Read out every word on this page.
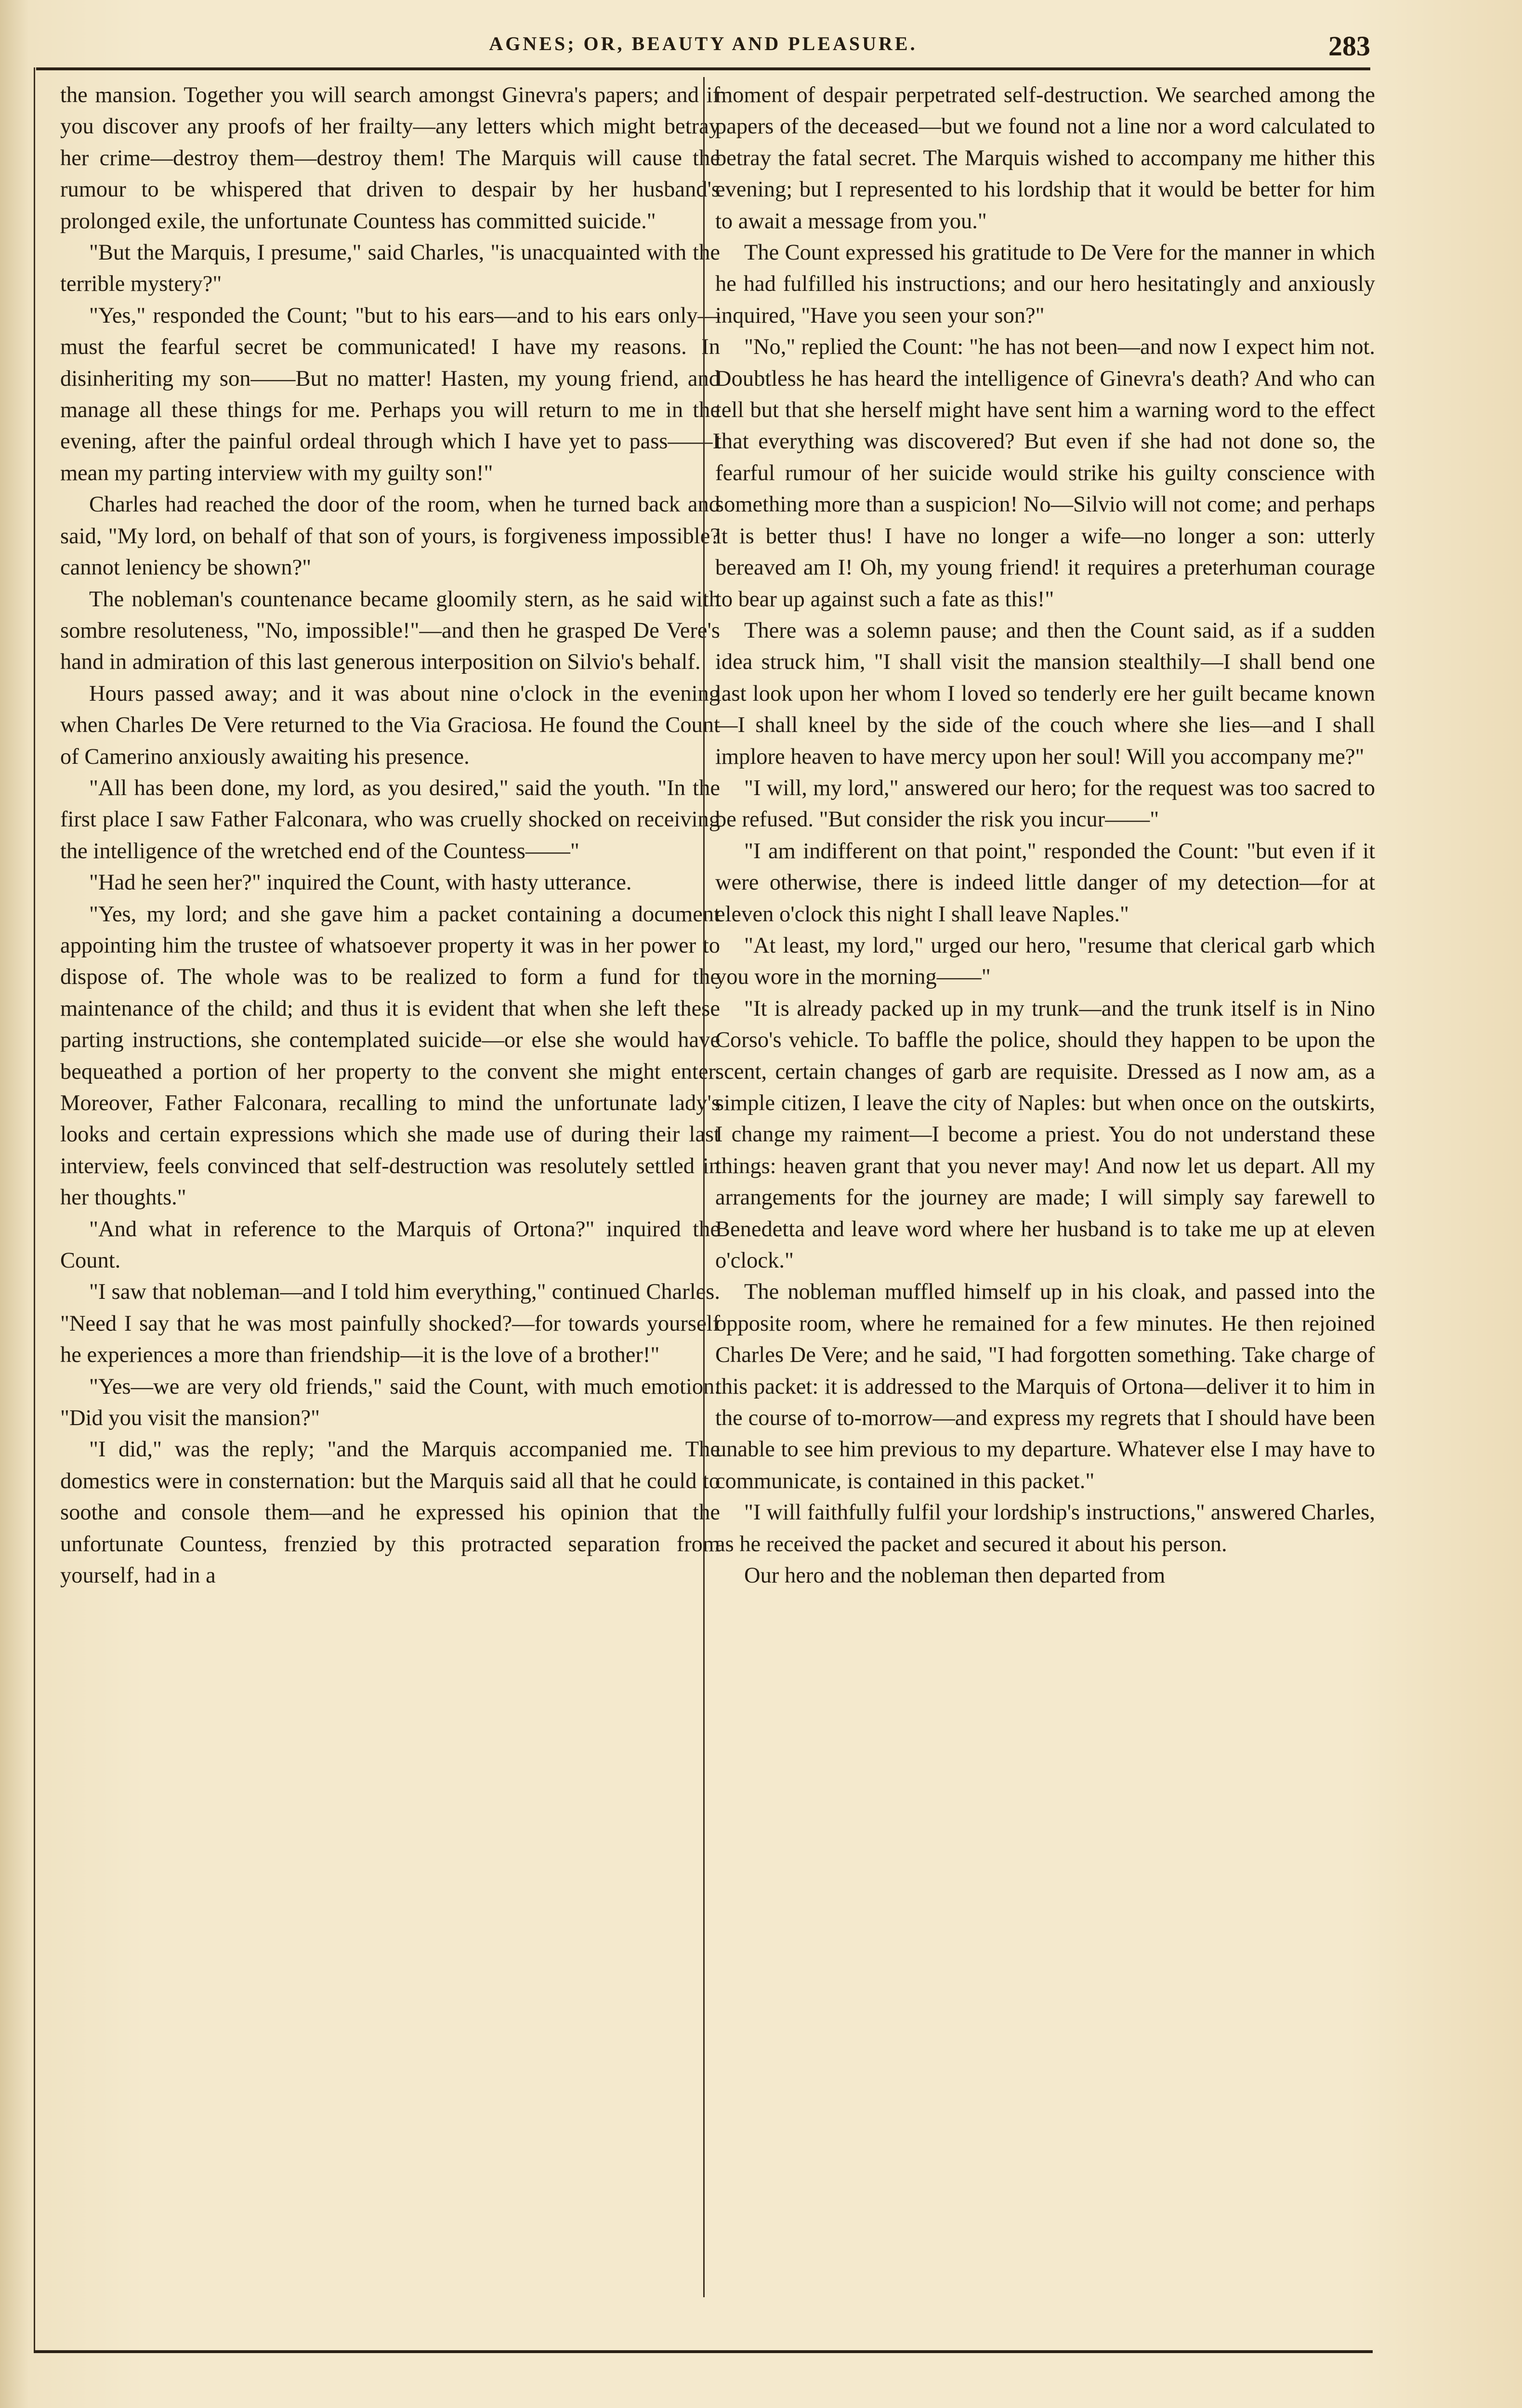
AGNES; OR, BEAUTY AND PLEASURE.	283

the mansion. Together you will search amongst Ginevra's papers; and if you discover any proofs of her frailty—any letters which might betray her crime—destroy them—destroy them! The Marquis will cause the rumour to be whispered that driven to despair by her husband's prolonged exile, the unfortunate Countess has committed suicide."

"But the Marquis, I presume," said Charles, "is unacquainted with the terrible mystery?"

"Yes," responded the Count; "but to his ears—and to his ears only—must the fearful secret be communicated! I have my reasons. In disinheriting my son——But no matter! Hasten, my young friend, and manage all these things for me. Perhaps you will return to me in the evening, after the painful ordeal through which I have yet to pass——I mean my parting interview with my guilty son!"

Charles had reached the door of the room, when he turned back and said, "My lord, on behalf of that son of yours, is forgiveness impossible? cannot leniency be shown?"

The nobleman's countenance became gloomily stern, as he said with sombre resoluteness, "No, impossible!"—and then he grasped De Vere's hand in admiration of this last generous interposition on Silvio's behalf.

Hours passed away; and it was about nine o'clock in the evening when Charles De Vere returned to the Via Graciosa. He found the Count of Camerino anxiously awaiting his presence.

"All has been done, my lord, as you desired," said the youth. "In the first place I saw Father Falconara, who was cruelly shocked on receiving the intelligence of the wretched end of the Countess——"

"Had he seen her?" inquired the Count, with hasty utterance.

"Yes, my lord; and she gave him a packet containing a document appointing him the trustee of whatsoever property it was in her power to dispose of. The whole was to be realized to form a fund for the maintenance of the child; and thus it is evident that when she left these parting instructions, she contemplated suicide—or else she would have bequeathed a portion of her property to the convent she might enter. Moreover, Father Falconara, recalling to mind the unfortunate lady's looks and certain expressions which she made use of during their last interview, feels convinced that self-destruction was resolutely settled in her thoughts."

"And what in reference to the Marquis of Ortona?" inquired the Count.

"I saw that nobleman—and I told him everything," continued Charles. "Need I say that he was most painfully shocked?—for towards yourself he experiences a more than friendship—it is the love of a brother!"

"Yes—we are very old friends," said the Count, with much emotion. "Did you visit the mansion?"

"I did," was the reply; "and the Marquis accompanied me. The domestics were in consternation: but the Marquis said all that he could to soothe and console them—and he expressed his opinion that the unfortunate Countess, frenzied by this protracted separation from yourself, had in a

moment of despair perpetrated self-destruction. We searched among the papers of the deceased—but we found not a line nor a word calculated to betray the fatal secret. The Marquis wished to accompany me hither this evening; but I represented to his lordship that it would be better for him to await a message from you."

The Count expressed his gratitude to De Vere for the manner in which he had fulfilled his instructions; and our hero hesitatingly and anxiously inquired, "Have you seen your son?"

"No," replied the Count: "he has not been—and now I expect him not. Doubtless he has heard the intelligence of Ginevra's death? And who can tell but that she herself might have sent him a warning word to the effect that everything was discovered? But even if she had not done so, the fearful rumour of her suicide would strike his guilty conscience with something more than a suspicion! No—Silvio will not come; and perhaps it is better thus! I have no longer a wife—no longer a son: utterly bereaved am I! Oh, my young friend! it requires a preterhuman courage to bear up against such a fate as this!"

There was a solemn pause; and then the Count said, as if a sudden idea struck him, "I shall visit the mansion stealthily—I shall bend one last look upon her whom I loved so tenderly ere her guilt became known—I shall kneel by the side of the couch where she lies—and I shall implore heaven to have mercy upon her soul! Will you accompany me?"

"I will, my lord," answered our hero; for the request was too sacred to be refused. "But consider the risk you incur——"

"I am indifferent on that point," responded the Count: "but even if it were otherwise, there is indeed little danger of my detection—for at eleven o'clock this night I shall leave Naples."

"At least, my lord," urged our hero, "resume that clerical garb which you wore in the morning——"

"It is already packed up in my trunk—and the trunk itself is in Nino Corso's vehicle. To baffle the police, should they happen to be upon the scent, certain changes of garb are requisite. Dressed as I now am, as a simple citizen, I leave the city of Naples: but when once on the outskirts, I change my raiment—I become a priest. You do not understand these things: heaven grant that you never may! And now let us depart. All my arrangements for the journey are made; I will simply say farewell to Benedetta and leave word where her husband is to take me up at eleven o'clock."

The nobleman muffled himself up in his cloak, and passed into the opposite room, where he remained for a few minutes. He then rejoined Charles De Vere; and he said, "I had forgotten something. Take charge of this packet: it is addressed to the Marquis of Ortona—deliver it to him in the course of to-morrow—and express my regrets that I should have been unable to see him previous to my departure. Whatever else I may have to communicate, is contained in this packet."

"I will faithfully fulfil your lordship's instructions," answered Charles, as he received the packet and secured it about his person.

Our hero and the nobleman then departed from
